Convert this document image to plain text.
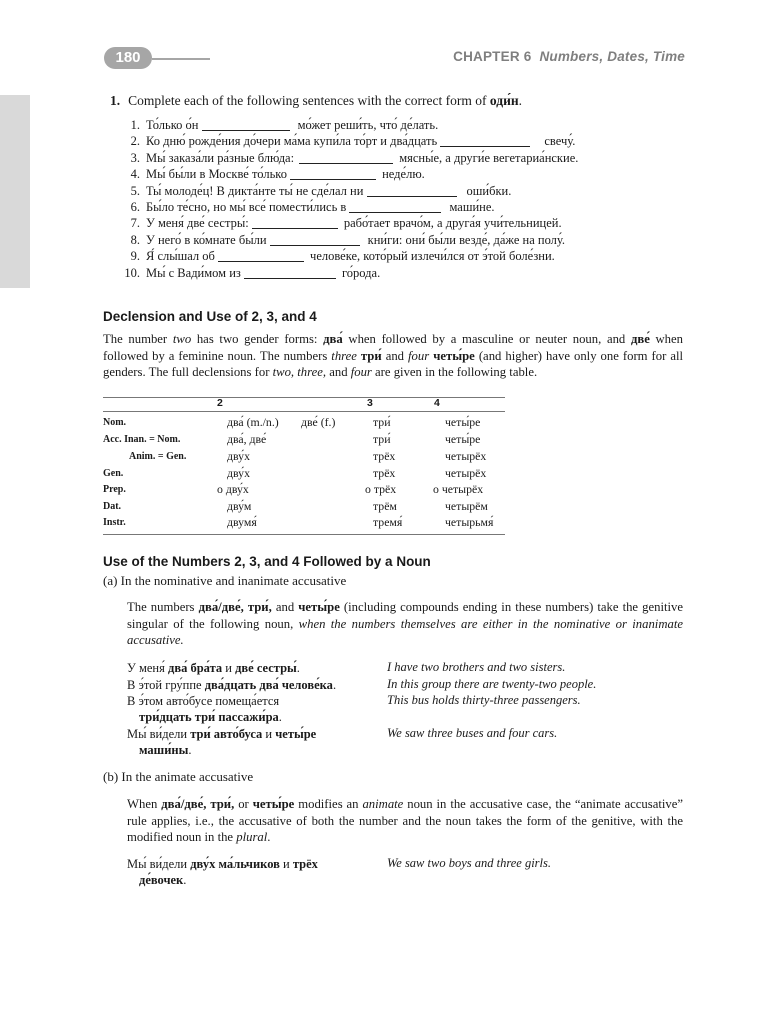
180	CHAPTER 6 Numbers, Dates, Time
1. Complete each of the following sentences with the correct form of оди́н.
1. То́лько о́н	мо́жет реши́ть, что́ де́лать.
2. Ко дню́ рожде́ния до́чери ма́ма купи́ла то́рт и два́дцать	свечу́.
3. Мы́ заказа́ли ра́зные блю́да:	мясны́е, а други́е вегетариа́нские.
4. Мы́ бы́ли в Москве́ то́лько	неде́лю.
5. Ты́ молоде́ц! В дикта́нте ты́ не сде́лал ни	оши́бки.
6. Бы́ло те́сно, но мы́ все́ помести́лись в	маши́не.
7. У меня́ две́ сестры́:	рабо́тает врачо́м, а друга́я учи́тельницей.
8. У него́ в ко́мнате бы́ли	кни́ги: они́ бы́ли везде́, да́же на полу́.
9. Я́ слы́шал об	челове́ке, кото́рый излечи́лся от э́той боле́зни.
10. Мы́ с Вади́мом из	го́рода.
Declension and Use of 2, 3, and 4
The number two has two gender forms: два́ when followed by a masculine or neuter noun, and две́ when followed by a feminine noun. The numbers three три́ and four четы́ре (and higher) have only one form for all genders. The full declensions for two, three, and four are given in the following table.
2	3	4
Nom.	два́ (m./n.) две́ (f.)	три́	четы́ре
Acc. Inan. = Nom.	два́, две́	три́	четы́ре
Anim. = Gen.	дву́х	трёх	четырёх
Gen.	дву́х	трёх	четырёх
Prep.	о дву́х	о трёх	о четырёх
Dat.	дву́м	трём	четырём
Instr.	двумя́	тремя́	четырьмя́
Use of the Numbers 2, 3, and 4 Followed by a Noun
(a) In the nominative and inanimate accusative
The numbers два́/две́, три́, and четы́ре (including compounds ending in these numbers) take the genitive singular of the following noun, when the numbers themselves are either in the nominative or inanimate accusative.
У меня́ два́ бра́та и две́ сестры́.	I have two brothers and two sisters.
В э́той гру́ппе два́дцать два́ челове́ка.	In this group there are twenty-two people.
В э́том авто́бусе помеща́ется
три́дцать три́ пассажи́ра.
This bus holds thirty-three passengers.
Мы́ ви́дели три́ авто́буса и четы́ре
маши́ны.
We saw three buses and four cars.
(b) In the animate accusative
When два́/две́, три́, or четы́ре modifies an animate noun in the accusative case, the “animate accusative” rule applies, i.e., the accusative of both the number and the noun takes the form of the genitive, with the modified noun in the plural.
Мы́ ви́дели дву́х ма́льчиков и трёх
де́вочек.
We saw two boys and three girls.
